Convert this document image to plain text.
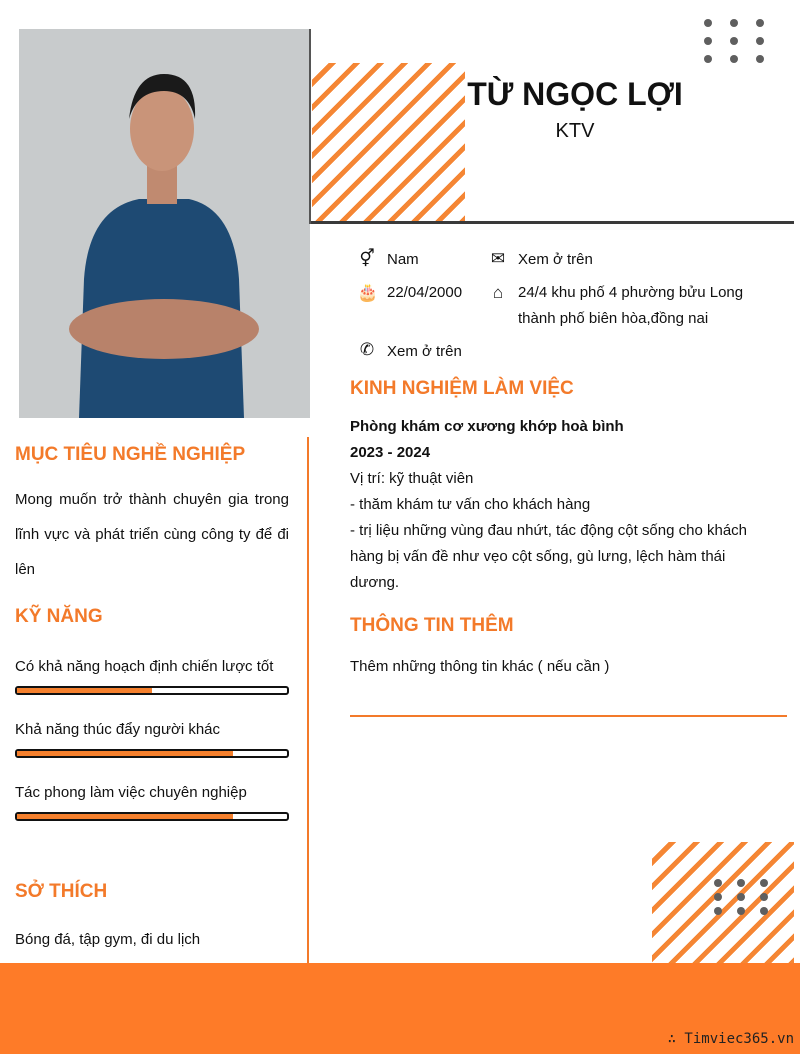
TỪ NGỌC LỢI
KTV
⚥ Nam	✉ Xem ở trên
🎂 22/04/2000 ⌂ 24/4 khu phố 4 phường bửu Long thành phố biên hòa,đồng nai
✆ Xem ở trên
KINH NGHIỆM LÀM VIỆC
Phòng khám cơ xương khớp hoà bình
2023 - 2024
Vị trí: kỹ thuật viên
- thăm khám tư vấn cho khách hàng
- trị liệu những vùng đau nhứt, tác động cột sống cho khách hàng bị vấn đề như vẹo cột sống, gù lưng, lệch hàm thái dương.
THÔNG TIN THÊM
Thêm những thông tin khác ( nếu cần )
MỤC TIÊU NGHỀ NGHIỆP
Mong muốn trở thành chuyên gia trong lĩnh vực và phát triển cùng công ty để đi lên
KỸ NĂNG
Có khả năng hoạch định chiến lược tốt
Khả năng thúc đẩy người khác
Tác phong làm việc chuyên nghiệp
SỞ THÍCH
Bóng đá, tập gym, đi du lịch
∴ Timviec365.vn
